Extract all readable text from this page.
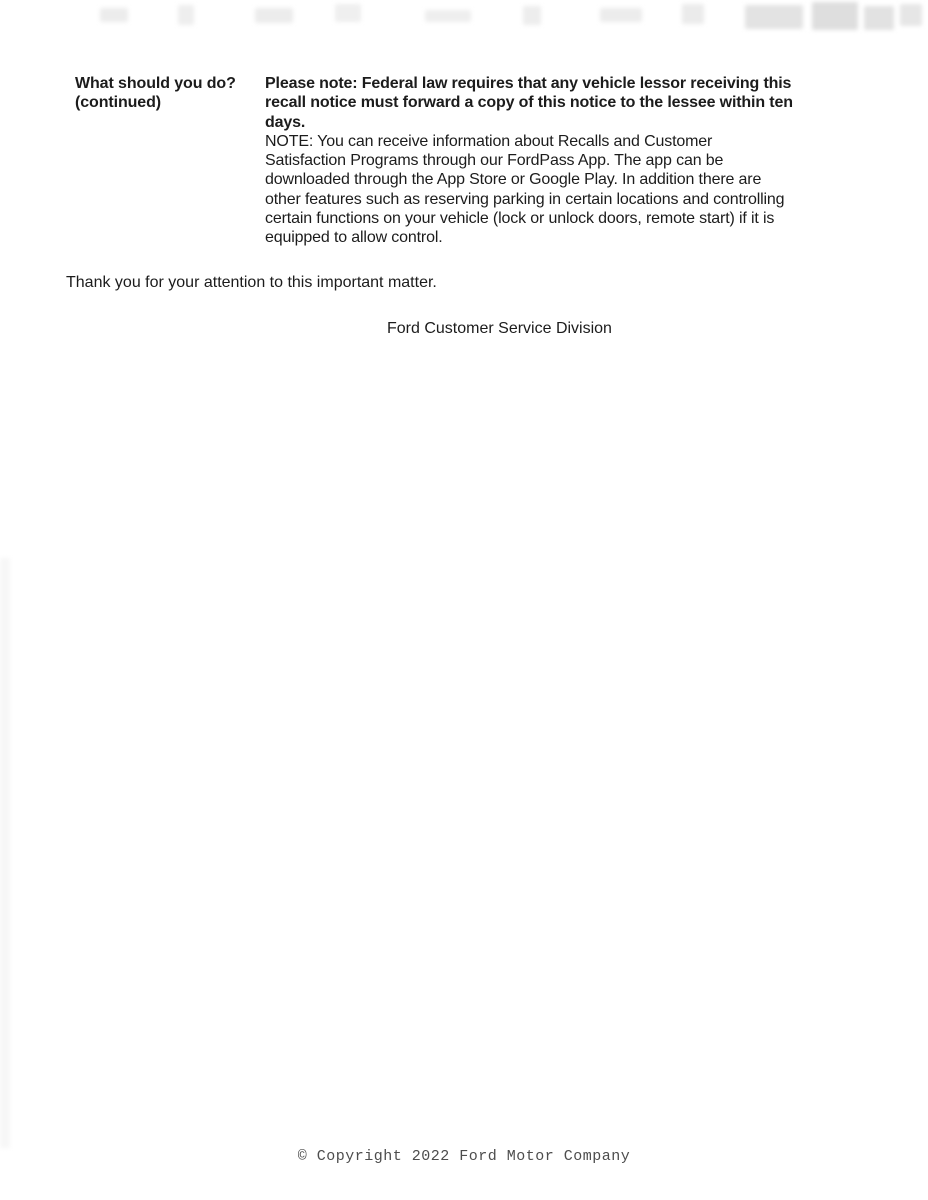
What should you do?
(continued)
Please note: Federal law requires that any vehicle lessor receiving this
recall notice must forward a copy of this notice to the lessee within ten
days.
NOTE: You can receive information about Recalls and Customer
Satisfaction Programs through our FordPass App. The app can be
downloaded through the App Store or Google Play. In addition there are
other features such as reserving parking in certain locations and controlling
certain functions on your vehicle (lock or unlock doors, remote start) if it is
equipped to allow control.
Thank you for your attention to this important matter.
Ford Customer Service Division
© Copyright 2022 Ford Motor Company
